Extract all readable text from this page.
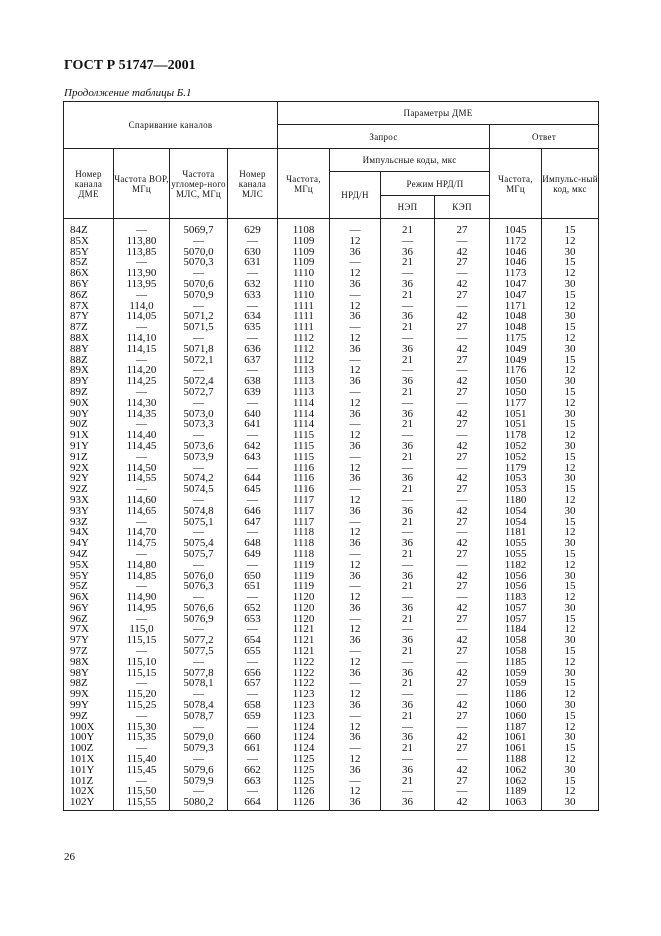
ГОСТ Р 51747—2001
Продолжение таблицы Б.1
Спаривание каналов				Параметры ДМЕ					
				Запрос				Ответ	
Номер канала ДМЕ	Частота ВОР, МГц	Частота угломер-ного МЛС, МГц	Номер канала МЛС	Частота, МГц	Импульсные коды, мкс			Частота, МГц	Импульс-ный код, мкс
					НРД/Н	Режим НРД/П			
						НЭП	КЭП		
84Z	—	5069,7	629	1108	—	21	27	1045	15
85X	113,80	—	—	1109	12	—	—	1172	12
85Y	113,85	5070,0	630	1109	36	36	42	1046	30
85Z	—	5070,3	631	1109	—	21	27	1046	15
86X	113,90	—	—	1110	12	—	—	1173	12
86Y	113,95	5070,6	632	1110	36	36	42	1047	30
86Z	—	5070,9	633	1110	—	21	27	1047	15
87X	114,0	—	—	1111	12	—	—	1171	12
87Y	114,05	5071,2	634	1111	36	36	42	1048	30
87Z	—	5071,5	635	1111	—	21	27	1048	15
88X	114,10	—	—	1112	12	—	—	1175	12
88Y	114,15	5071,8	636	1112	36	36	42	1049	30
88Z	—	5072,1	637	1112	—	21	27	1049	15
89X	114,20	—	—	1113	12	—	—	1176	12
89Y	114,25	5072,4	638	1113	36	36	42	1050	30
89Z	—	5072,7	639	1113	—	21	27	1050	15
90X	114,30	—	—	1114	12	—	—	1177	12
90Y	114,35	5073,0	640	1114	36	36	42	1051	30
90Z	—	5073,3	641	1114	—	21	27	1051	15
91X	114,40	—	—	1115	12	—	—	1178	12
91Y	114,45	5073,6	642	1115	36	36	42	1052	30
91Z	—	5073,9	643	1115	—	21	27	1052	15
92X	114,50	—	—	1116	12	—	—	1179	12
92Y	114,55	5074,2	644	1116	36	36	42	1053	30
92Z	—	5074,5	645	1116	—	21	27	1053	15
93X	114,60	—	—	1117	12	—	—	1180	12
93Y	114,65	5074,8	646	1117	36	36	42	1054	30
93Z	—	5075,1	647	1117	—	21	27	1054	15
94X	114,70	—	—	1118	12	—	—	1181	12
94Y	114,75	5075,4	648	1118	36	36	42	1055	30
94Z	—	5075,7	649	1118	—	21	27	1055	15
95X	114,80	—	—	1119	12	—	—	1182	12
95Y	114,85	5076,0	650	1119	36	36	42	1056	30
95Z	—	5076,3	651	1119	—	21	27	1056	15
96X	114,90	—	—	1120	12	—	—	1183	12
96Y	114,95	5076,6	652	1120	36	36	42	1057	30
96Z	—	5076,9	653	1120	—	21	27	1057	15
97X	115,0	—	—	1121	12	—	—	1184	12
97Y	115,15	5077,2	654	1121	36	36	42	1058	30
97Z	—	5077,5	655	1121	—	21	27	1058	15
98X	115,10	—	—	1122	12	—	—	1185	12
98Y	115,15	5077,8	656	1122	36	36	42	1059	30
98Z	—	5078,1	657	1122	—	21	27	1059	15
99X	115,20	—	—	1123	12	—	—	1186	12
99Y	115,25	5078,4	658	1123	36	36	42	1060	30
99Z	—	5078,7	659	1123	—	21	27	1060	15
100X	115,30	—	—	1124	12	—	—	1187	12
100Y	115,35	5079,0	660	1124	36	36	42	1061	30
100Z	—	5079,3	661	1124	—	21	27	1061	15
101X	115,40	—	—	1125	12	—	—	1188	12
101Y	115,45	5079,6	662	1125	36	36	42	1062	30
101Z	—	5079,9	663	1125	—	21	27	1062	15
102X	115,50	—	—	1126	12	—	—	1189	12
102Y	115,55	5080,2	664	1126	36	36	42	1063	30
26
